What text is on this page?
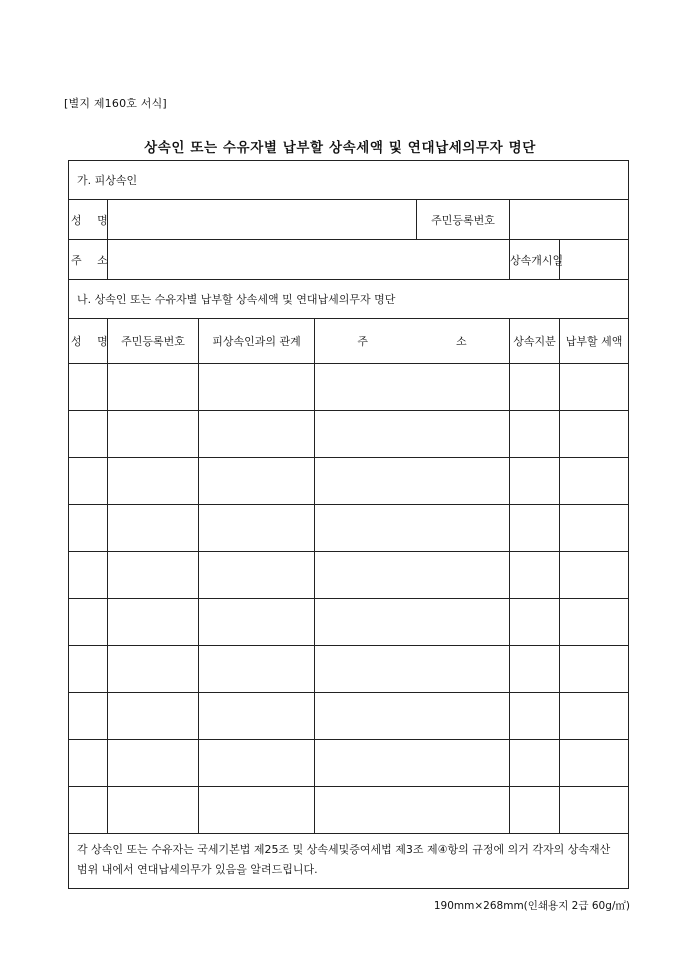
[별지 제160호 서식]
상속인 또는 수유자별 납부할 상속세액 및 연대납세의무자 명단
가. 피상속인						
성 명				주민등록번호		
주 소					상속개시일	
나. 상속인 또는 수유자별 납부할 상속세액 및 연대납세의무자 명단						
성 명	주민등록번호	피상속인과의 관계	주　　　　　　　　소		상속지분	납부할 세액

각 상속인 또는 수유자는 국세기본법 제25조 및 상속세및증여세법 제3조 제④항의 규정에 의거 각자의 상속재산 범위 내에서 연대납세의무가 있음을 알려드립니다.						
190mm×268mm(인쇄용지 2급 60g/㎡)
